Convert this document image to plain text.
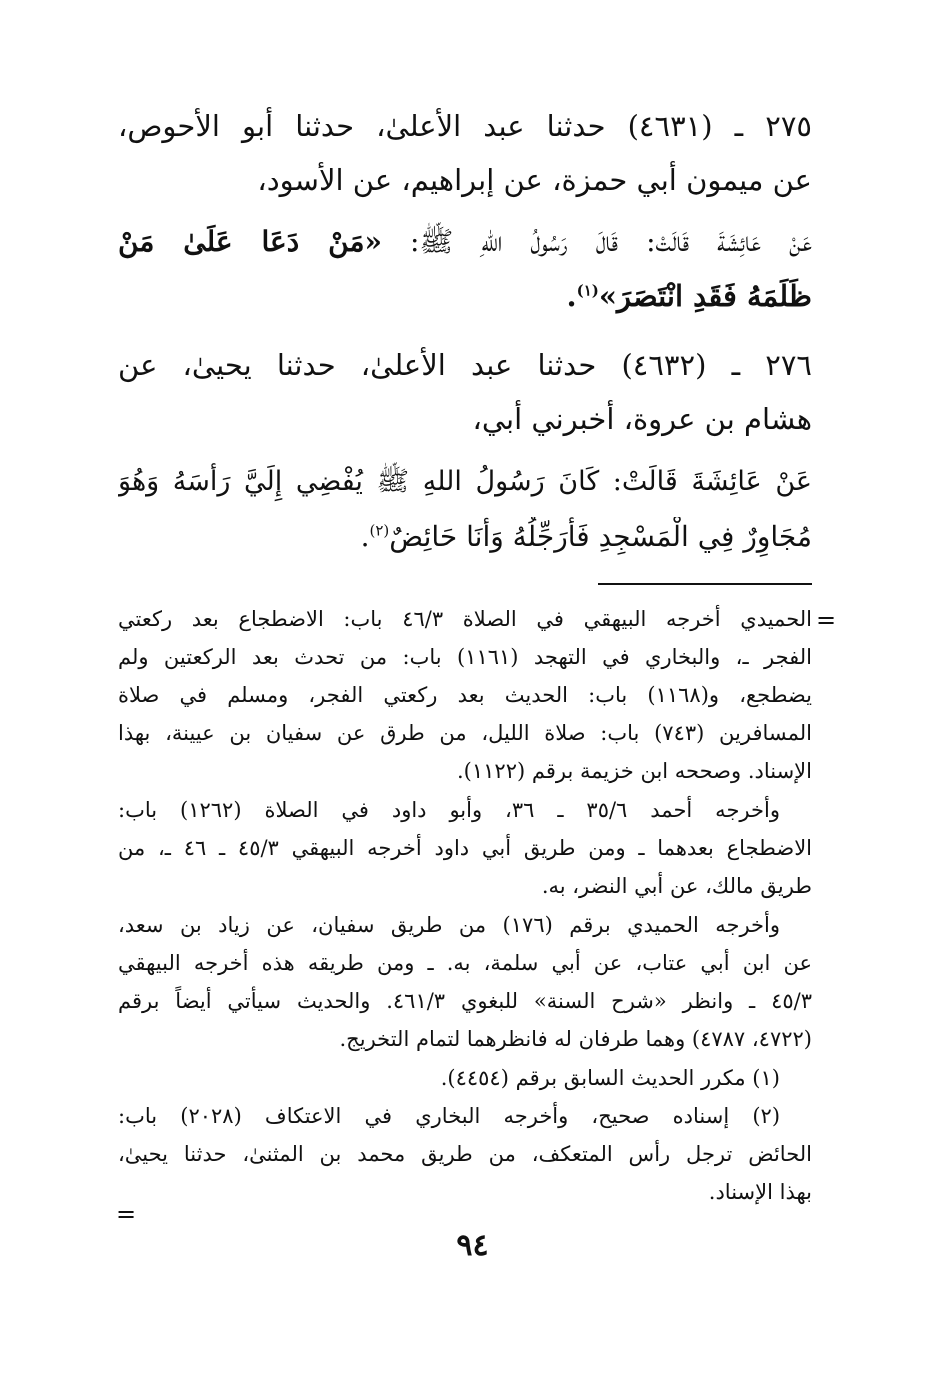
٢٧٥ ـ (٤٦٣١) حدثنا عبد الأعلىٰ، حدثنا أبو الأحوص،
عن ميمون أبي حمزة، عن إبراهيم، عن الأسود،
عَنْ عَائِشَةَ قَالَتْ: قَالَ رَسُولُ اللهِ ﷺ: «مَنْ دَعَا عَلَىٰ مَنْ
ظَلَمَهُ فَقَدِ انْتَصَرَ»$^{(١)}$.
٢٧٦ ـ (٤٦٣٢) حدثنا عبد الأعلىٰ، حدثنا يحيىٰ، عن
هشام بن عروة، أخبرني أبي،
عَنْ عَائِشَةَ قَالَتْ: كَانَ رَسُولُ اللهِ ﷺ يُفْضِي إِلَيَّ رَأْسَهُ وَهُوَ
مُجَاوِرٌ فِي الْمَسْجِدِ فَأُرَجِّلُهُ وَأَنَا حَائِضٌ$^{(٢)}$.
=
الحميدي أخرجه البيهقي في الصلاة ٤٦/٣ باب: الاضطجاع بعد ركعتي
الفجر ـ، والبخاري في التهجد (١١٦١) باب: من تحدث بعد الركعتين ولم
يضطجع، و(١١٦٨) باب: الحديث بعد ركعتي الفجر، ومسلم في صلاة
المسافرين (٧٤٣) باب: صلاة الليل، من طرق عن سفيان بن عيينة، بهذا
الإسناد. وصححه ابن خزيمة برقم (١١٢٢).
وأخرجه أحمد ٣٥/٦ ـ ٣٦، وأبو داود في الصلاة (١٢٦٢) باب:
الاضطجاع بعدهما ـ ومن طريق أبي داود أخرجه البيهقي ٤٥/٣ ـ ٤٦ ـ، من
طريق مالك، عن أبي النضر، به.
وأخرجه الحميدي برقم (١٧٦) من طريق سفيان، عن زياد بن سعد،
عن ابن أبي عتاب، عن أبي سلمة، به. ـ ومن طريقه هذه أخرجه البيهقي
٤٥/٣ ـ وانظر «شرح السنة» للبغوي ٤٦١/٣. والحديث سيأتي أيضاً برقم
(٤٧٢٢، ٤٧٨٧) وهما طرفان له فانظرهما لتمام التخريج.
(١) مكرر الحديث السابق برقم (٤٤٥٤).
(٢) إسناده صحيح، وأخرجه البخاري في الاعتكاف (٢٠٢٨) باب:
الحائض ترجل رأس المتعكف، من طريق محمد بن المثنىٰ، حدثنا يحيىٰ،
بهذا الإسناد.
=
٩٤
